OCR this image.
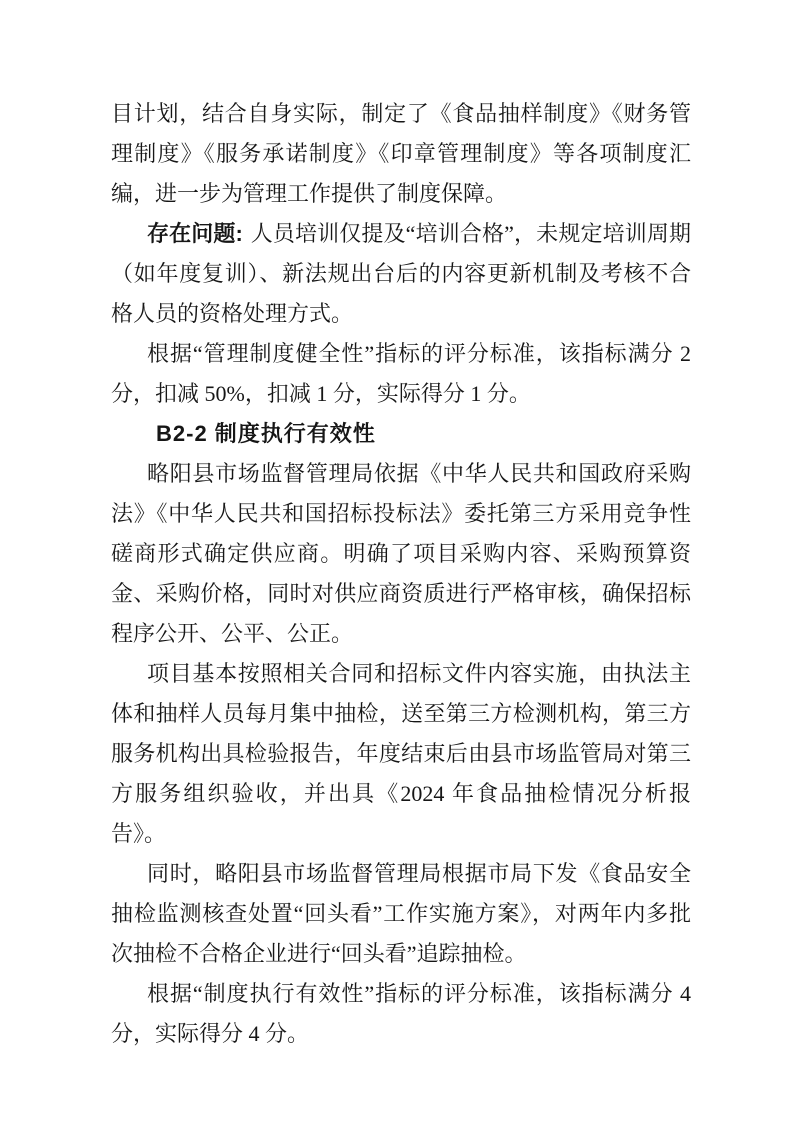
目计划，结合自身实际，制定了《食品抽样制度》《财务管理制度》《服务承诺制度》《印章管理制度》等各项制度汇编，进一步为管理工作提供了制度保障。

存在问题: 人员培训仅提及“培训合格”，未规定培训周期（如年度复训）、新法规出台后的内容更新机制及考核不合格人员的资格处理方式。

根据“管理制度健全性”指标的评分标准，该指标满分 2 分，扣减 50%，扣减 1 分，实际得分 1 分。

B2-2 制度执行有效性

略阳县市场监督管理局依据《中华人民共和国政府采购法》《中华人民共和国招标投标法》委托第三方采用竞争性磋商形式确定供应商。明确了项目采购内容、采购预算资金、采购价格，同时对供应商资质进行严格审核，确保招标程序公开、公平、公正。

项目基本按照相关合同和招标文件内容实施，由执法主体和抽样人员每月集中抽检，送至第三方检测机构，第三方服务机构出具检验报告，年度结束后由县市场监管局对第三方服务组织验收，并出具《2024 年食品抽检情况分析报告》。

同时，略阳县市场监督管理局根据市局下发《食品安全抽检监测核查处置“回头看”工作实施方案》，对两年内多批次抽检不合格企业进行“回头看”追踪抽检。

根据“制度执行有效性”指标的评分标准，该指标满分 4 分，实际得分 4 分。
